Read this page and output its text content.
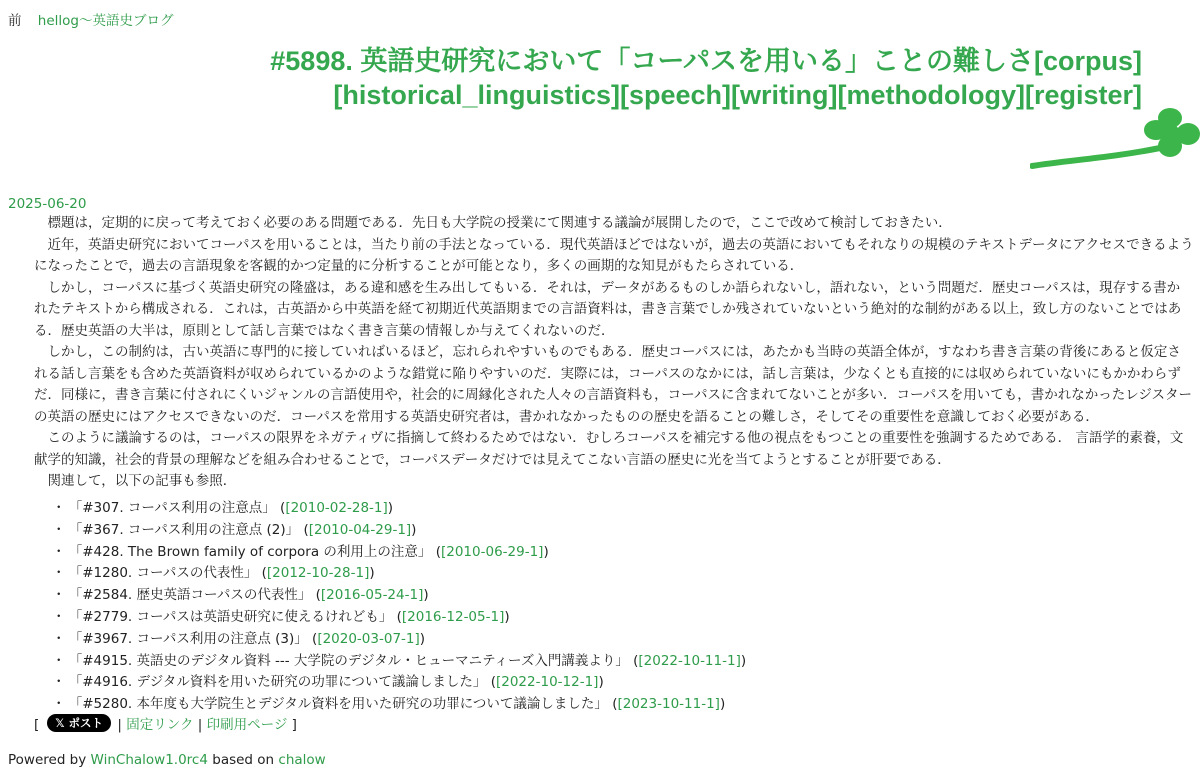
前 hellog～英語史ブログ
#5898. 英語史研究において「コーパスを用いる」ことの難しさ[corpus][historical_linguistics][speech][writing][methodology][register]
2025-06-20
　標題は，定期的に戻って考えておく必要のある問題である．先日も大学院の授業にて関連する議論が展開したので，ここで改めて検討しておきたい．
　近年，英語史研究においてコーパスを用いることは，当たり前の手法となっている．現代英語ほどではないが，過去の英語においてもそれなりの規模のテキストデータにアクセスできるよう
になったことで，過去の言語現象を客観的かつ定量的に分析することが可能となり，多くの画期的な知見がもたらされている．
　しかし，コーパスに基づく英語史研究の隆盛は，ある違和感を生み出してもいる．それは，データがあるものしか語られないし，語れない，という問題だ．歴史コーパスは，現存する書か
れたテキストから構成される．これは，古英語から中英語を経て初期近代英語期までの言語資料は，書き言葉でしか残されていないという絶対的な制約がある以上，致し方のないことではあ
る．歴史英語の大半は，原則として話し言葉ではなく書き言葉の情報しか与えてくれないのだ．
　しかし，この制約は，古い英語に専門的に接していればいるほど，忘れられやすいものでもある．歴史コーパスには，あたかも当時の英語全体が，すなわち書き言葉の背後にあると仮定さ
れる話し言葉をも含めた英語資料が収められているかのような錯覚に陥りやすいのだ．実際には，コーパスのなかには，話し言葉は，少なくとも直接的には収められていないにもかかわらず
だ．同様に，書き言葉に付されにくいジャンルの言語使用や，社会的に周縁化された人々の言語資料も，コーパスに含まれてないことが多い．コーパスを用いても，書かれなかったレジスター
の英語の歴史にはアクセスできないのだ．コーパスを常用する英語史研究者は，書かれなかったものの歴史を語ることの難しさ，そしてその重要性を意識しておく必要がある．
　このように議論するのは，コーパスの限界をネガティヴに指摘して終わるためではない．むしろコーパスを補完する他の視点をもつことの重要性を強調するためである． 言語学的素養，文
献学的知識，社会的背景の理解などを組み合わせることで，コーパスデータだけでは見えてこない言語の歴史に光を当てようとすることが肝要である．
　関連して，以下の記事も参照．
・ 「#307. コーパス利用の注意点」 ([2010-02-28-1])
・ 「#367. コーパス利用の注意点 (2)」 ([2010-04-29-1])
・ 「#428. The Brown family of corpora の利用上の注意」 ([2010-06-29-1])
・ 「#1280. コーパスの代表性」 ([2012-10-28-1])
・ 「#2584. 歴史英語コーパスの代表性」 ([2016-05-24-1])
・ 「#2779. コーパスは英語史研究に使えるけれども」 ([2016-12-05-1])
・ 「#3967. コーパス利用の注意点 (3)」 ([2020-03-07-1])
・ 「#4915. 英語史のデジタル資料 --- 大学院のデジタル・ヒューマニティーズ入門講義より」 ([2022-10-11-1])
・ 「#4916. デジタル資料を用いた研究の功罪について議論しました」 ([2022-10-12-1])
・ 「#5280. 本年度も大学院生とデジタル資料を用いた研究の功罪について議論しました」 ([2023-10-11-1])
[ 𝕏 ポスト | 固定リンク | 印刷用ページ ]
Powered by WinChalow1.0rc4 based on chalow
